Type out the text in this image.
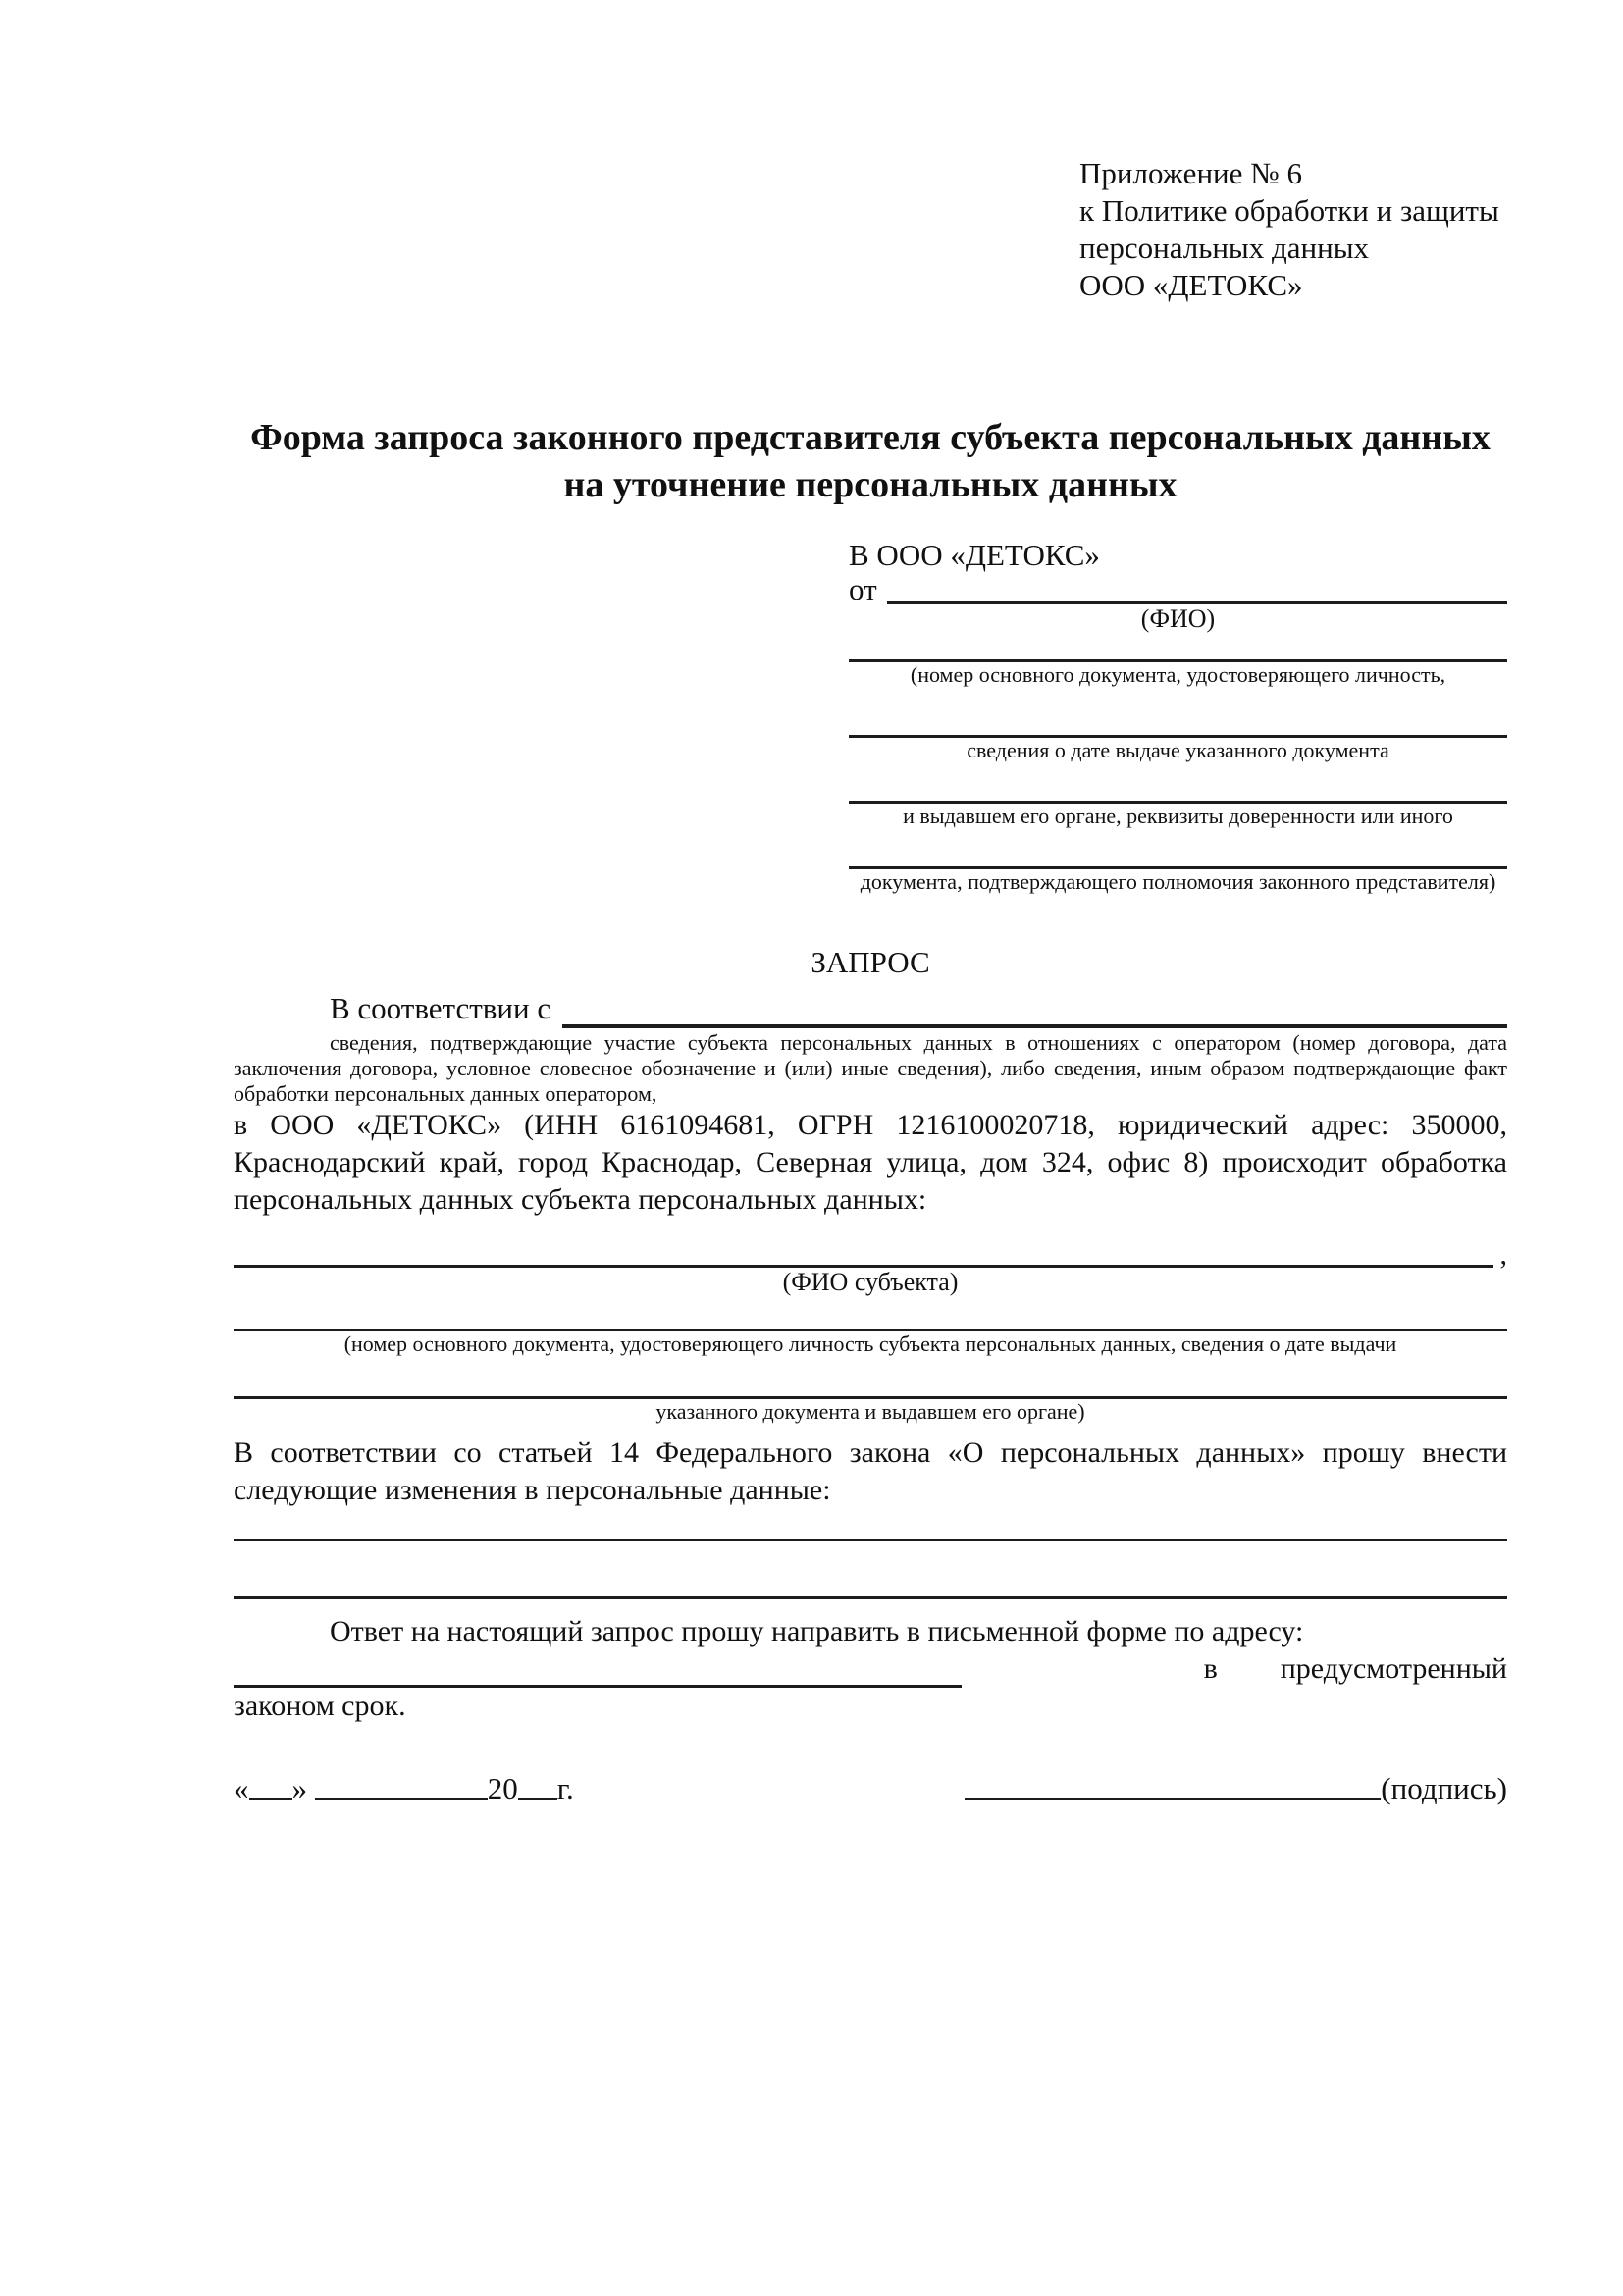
Приложение № 6
к Политике обработки и защиты
персональных данных
ООО «ДЕТОКС»
Форма запроса законного представителя субъекта персональных данных на уточнение персональных данных
В ООО «ДЕТОКС»
от
(ФИО)
(номер основного документа, удостоверяющего личность,
сведения о дате выдаче указанного документа
и выдавшем его органе, реквизиты доверенности или иного
документа, подтверждающего полномочия законного представителя)
ЗАПРОС
В соответствии с
сведения, подтверждающие участие субъекта персональных данных в отношениях с оператором (номер договора, дата заключения договора, условное словесное обозначение и (или) иные сведения), либо сведения, иным образом подтверждающие факт обработки персональных данных оператором,
в ООО «ДЕТОКС» (ИНН 6161094681, ОГРН 1216100020718, юридический адрес: 350000, Краснодарский край, город Краснодар, Северная улица, дом 324, офис 8) происходит обработка персональных данных субъекта персональных данных:
,
(ФИО субъекта)
(номер основного документа, удостоверяющего личность субъекта персональных данных, сведения о дате выдачи
указанного документа и выдавшем его органе)
В соответствии со статьей 14 Федерального закона «О персональных данных» прошу внести следующие изменения в персональные данные:
Ответ на настоящий запрос прошу направить в письменной форме по адресу:
в предусмотренный
законом срок.
« »	20 г.	(подпись)
